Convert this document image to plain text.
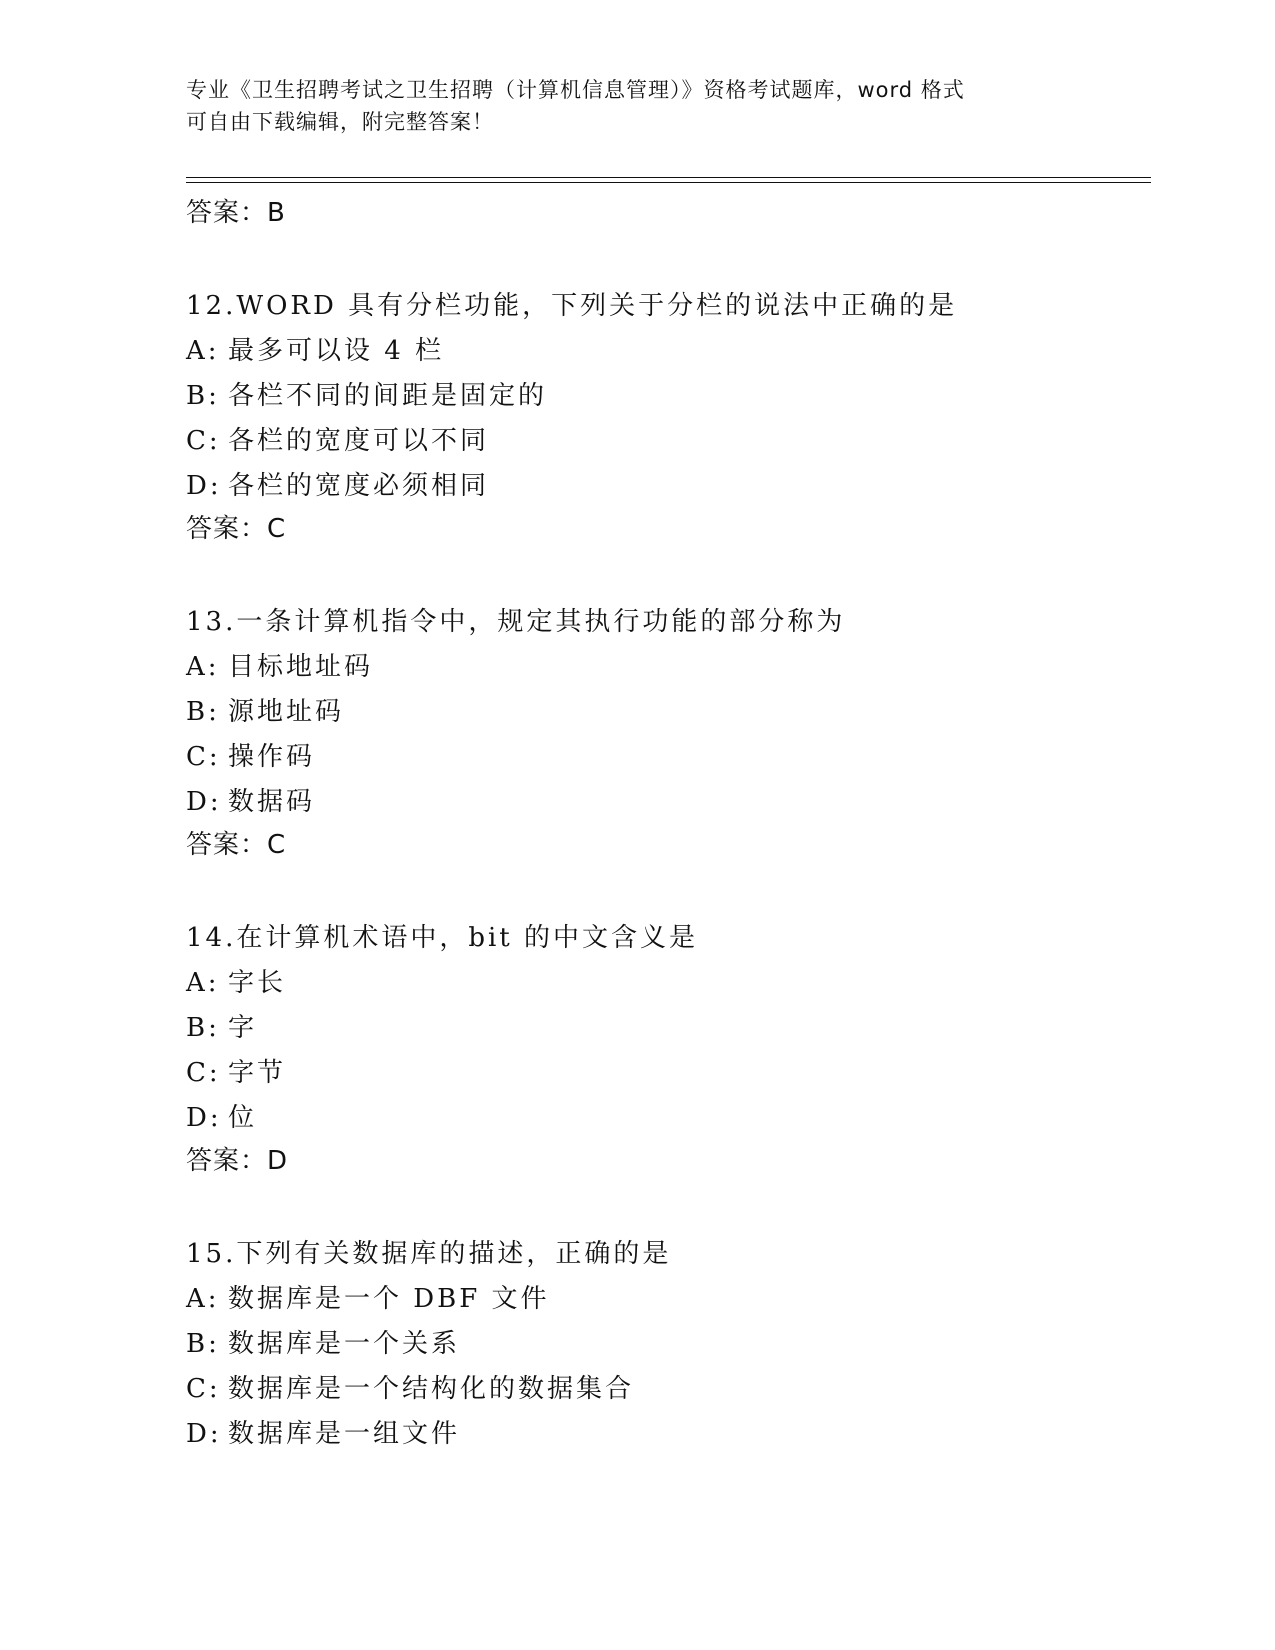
专业《卫生招聘考试之卫生招聘（计算机信息管理）》资格考试题库，word 格式
可自由下载编辑，附完整答案！
答案：B
12.WORD 具有分栏功能，下列关于分栏的说法中正确的是
A: 最多可以设 4 栏
B: 各栏不同的间距是固定的
C: 各栏的宽度可以不同
D: 各栏的宽度必须相同
答案：C
13.一条计算机指令中，规定其执行功能的部分称为
A: 目标地址码
B: 源地址码
C: 操作码
D: 数据码
答案：C
14.在计算机术语中，bit 的中文含义是
A: 字长
B: 字
C: 字节
D: 位
答案：D
15.下列有关数据库的描述，正确的是
A: 数据库是一个 DBF 文件
B: 数据库是一个关系
C: 数据库是一个结构化的数据集合
D: 数据库是一组文件
